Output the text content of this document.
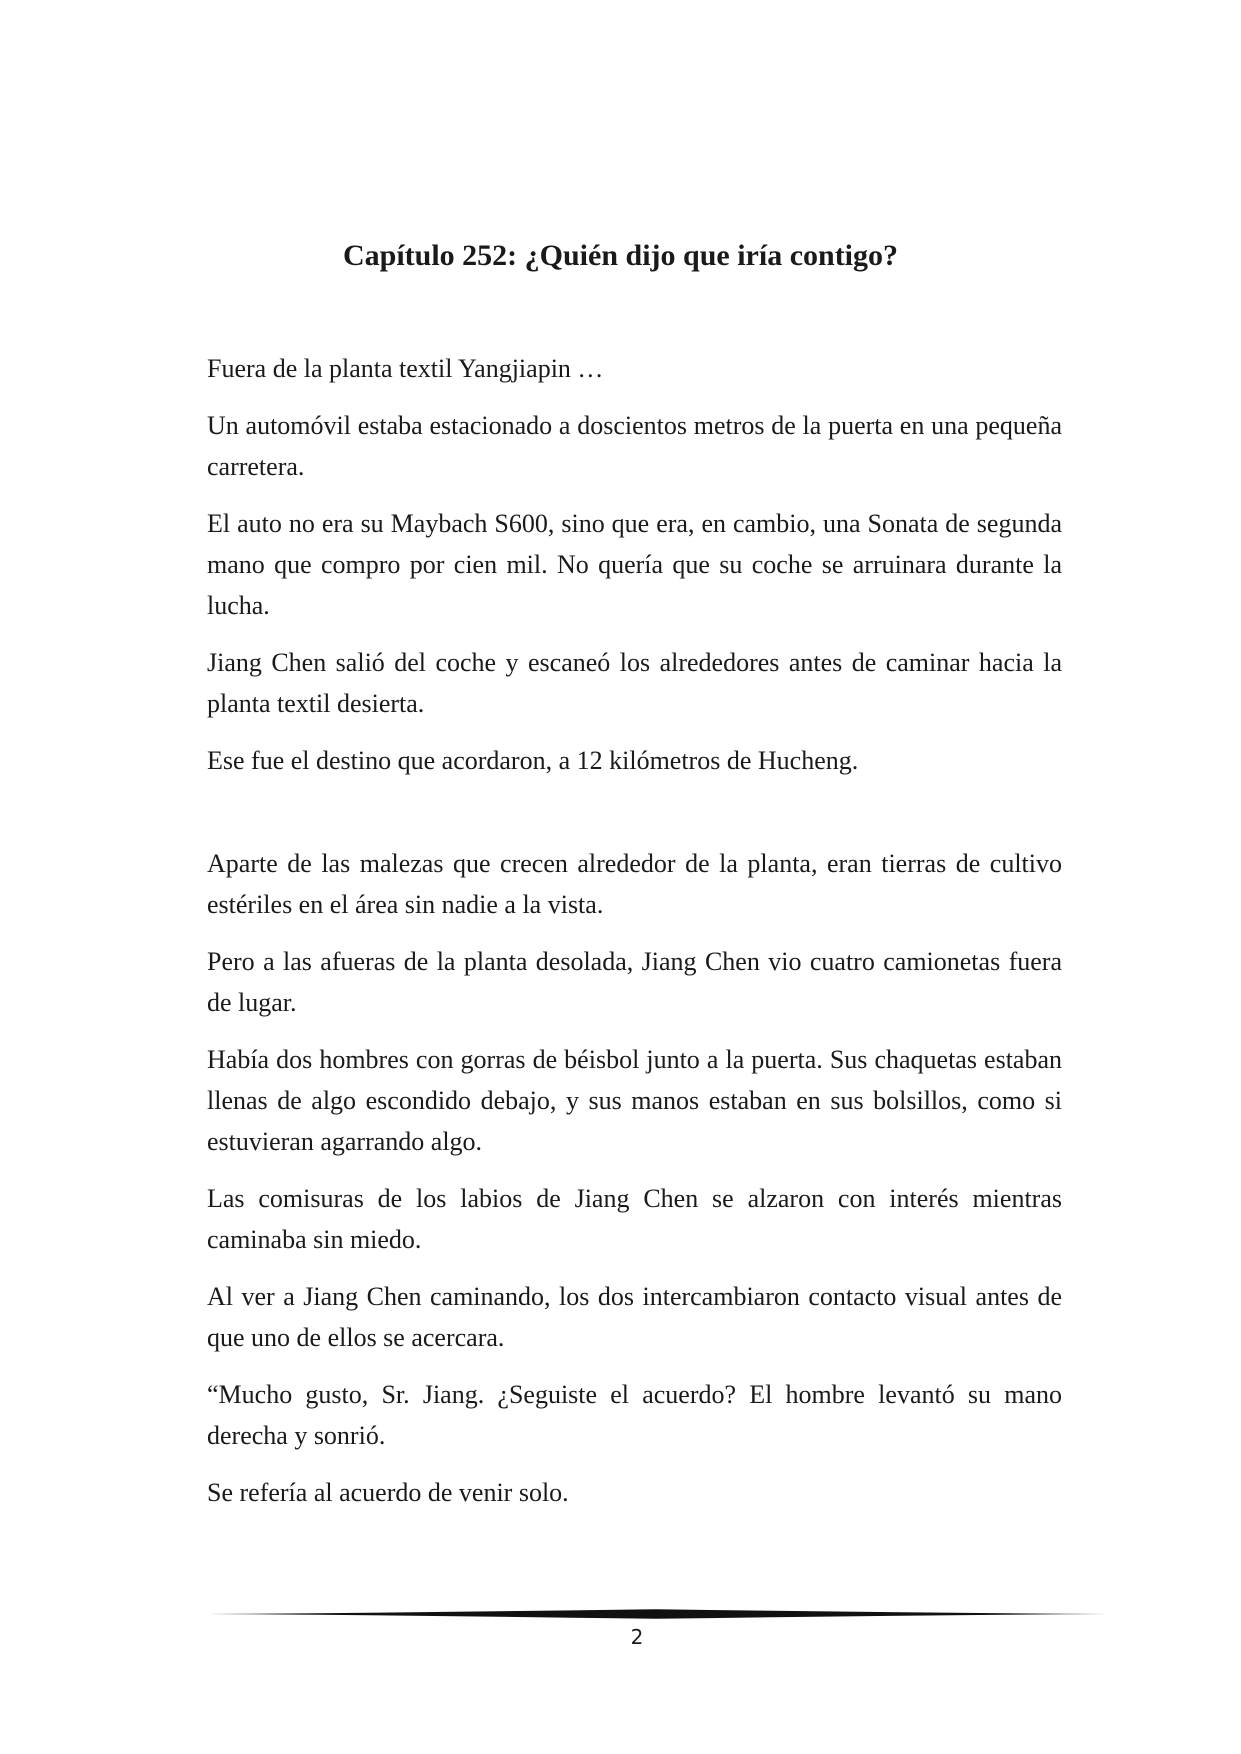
Capítulo 252: ¿Quién dijo que iría contigo?

Fuera de la planta textil Yangjiapin …

Un automóvil estaba estacionado a doscientos metros de la puerta en una pequeña carretera.

El auto no era su Maybach S600, sino que era, en cambio, una Sonata de segunda mano que compro por cien mil. No quería que su coche se arruinara durante la lucha.

Jiang Chen salió del coche y escaneó los alrededores antes de caminar hacia la planta textil desierta.

Ese fue el destino que acordaron, a 12 kilómetros de Hucheng.

Aparte de las malezas que crecen alrededor de la planta, eran tierras de cultivo estériles en el área sin nadie a la vista.

Pero a las afueras de la planta desolada, Jiang Chen vio cuatro camionetas fuera de lugar.

Había dos hombres con gorras de béisbol junto a la puerta. Sus chaquetas estaban llenas de algo escondido debajo, y sus manos estaban en sus bolsillos, como si estuvieran agarrando algo.

Las comisuras de los labios de Jiang Chen se alzaron con interés mientras caminaba sin miedo.

Al ver a Jiang Chen caminando, los dos intercambiaron contacto visual antes de que uno de ellos se acercara.

“Mucho gusto, Sr. Jiang. ¿Seguiste el acuerdo? El hombre levantó su mano derecha y sonrió.

Se refería al acuerdo de venir solo.

2
